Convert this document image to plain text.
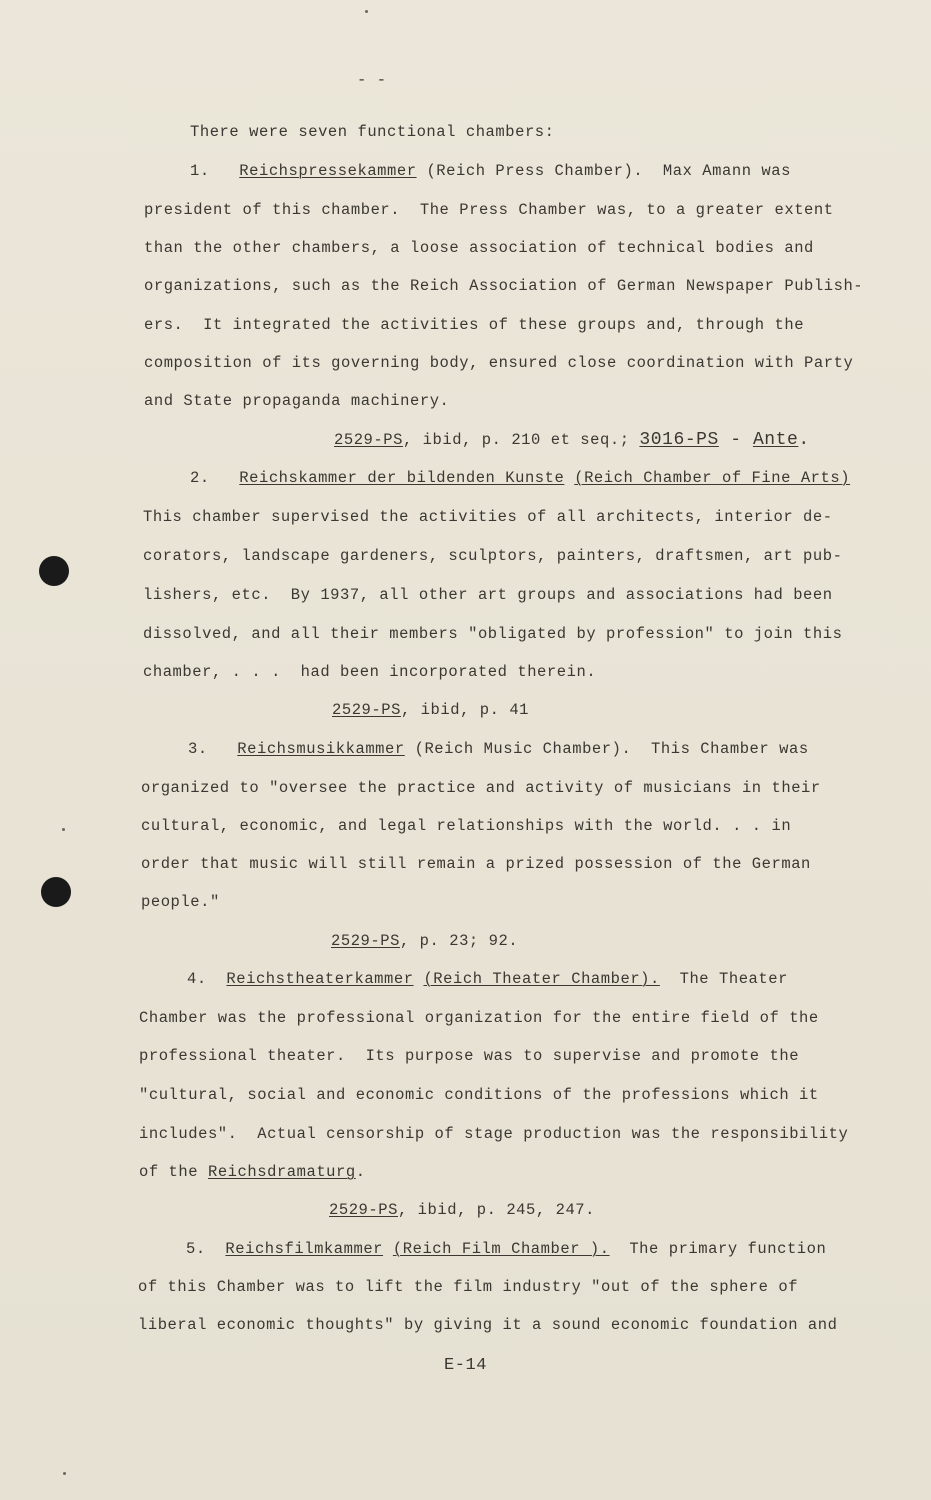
- -
There were seven functional chambers:
1. Reichspressekammer (Reich Press Chamber). Max Amann was
president of this chamber.  The Press Chamber was, to a greater extent
than the other chambers, a loose association of technical bodies and
organizations, such as the Reich Association of German Newspaper Publish-
ers.  It integrated the activities of these groups and, through the
composition of its governing body, ensured close coordination with Party
and State propaganda machinery.
2529-PS, ibid, p. 210 et seq.; 3016-PS - Ante.
2. Reichskammer der bildenden Kunste (Reich Chamber of Fine Arts)
This chamber supervised the activities of all architects, interior de-
corators, landscape gardeners, sculptors, painters, draftsmen, art pub-
lishers, etc.  By 1937, all other art groups and associations had been
dissolved, and all their members "obligated by profession" to join this
chamber, . . .  had been incorporated therein.
2529-PS, ibid, p. 41
3. Reichsmusikkammer (Reich Music Chamber). This Chamber was
organized to "oversee the practice and activity of musicians in their
cultural, economic, and legal relationships with the world. . . in
order that music will still remain a prized possession of the German
people."
2529-PS, p. 23; 92.
4. Reichstheaterkammer (Reich Theater Chamber). The Theater
Chamber was the professional organization for the entire field of the
professional theater.  Its purpose was to supervise and promote the
"cultural, social and economic conditions of the professions which it
includes".  Actual censorship of stage production was the responsibility
of the Reichsdramaturg.
2529-PS, ibid, p. 245, 247.
5. Reichsfilmkammer (Reich Film Chamber ). The primary function
of this Chamber was to lift the film industry "out of the sphere of
liberal economic thoughts" by giving it a sound economic foundation and
E-14
